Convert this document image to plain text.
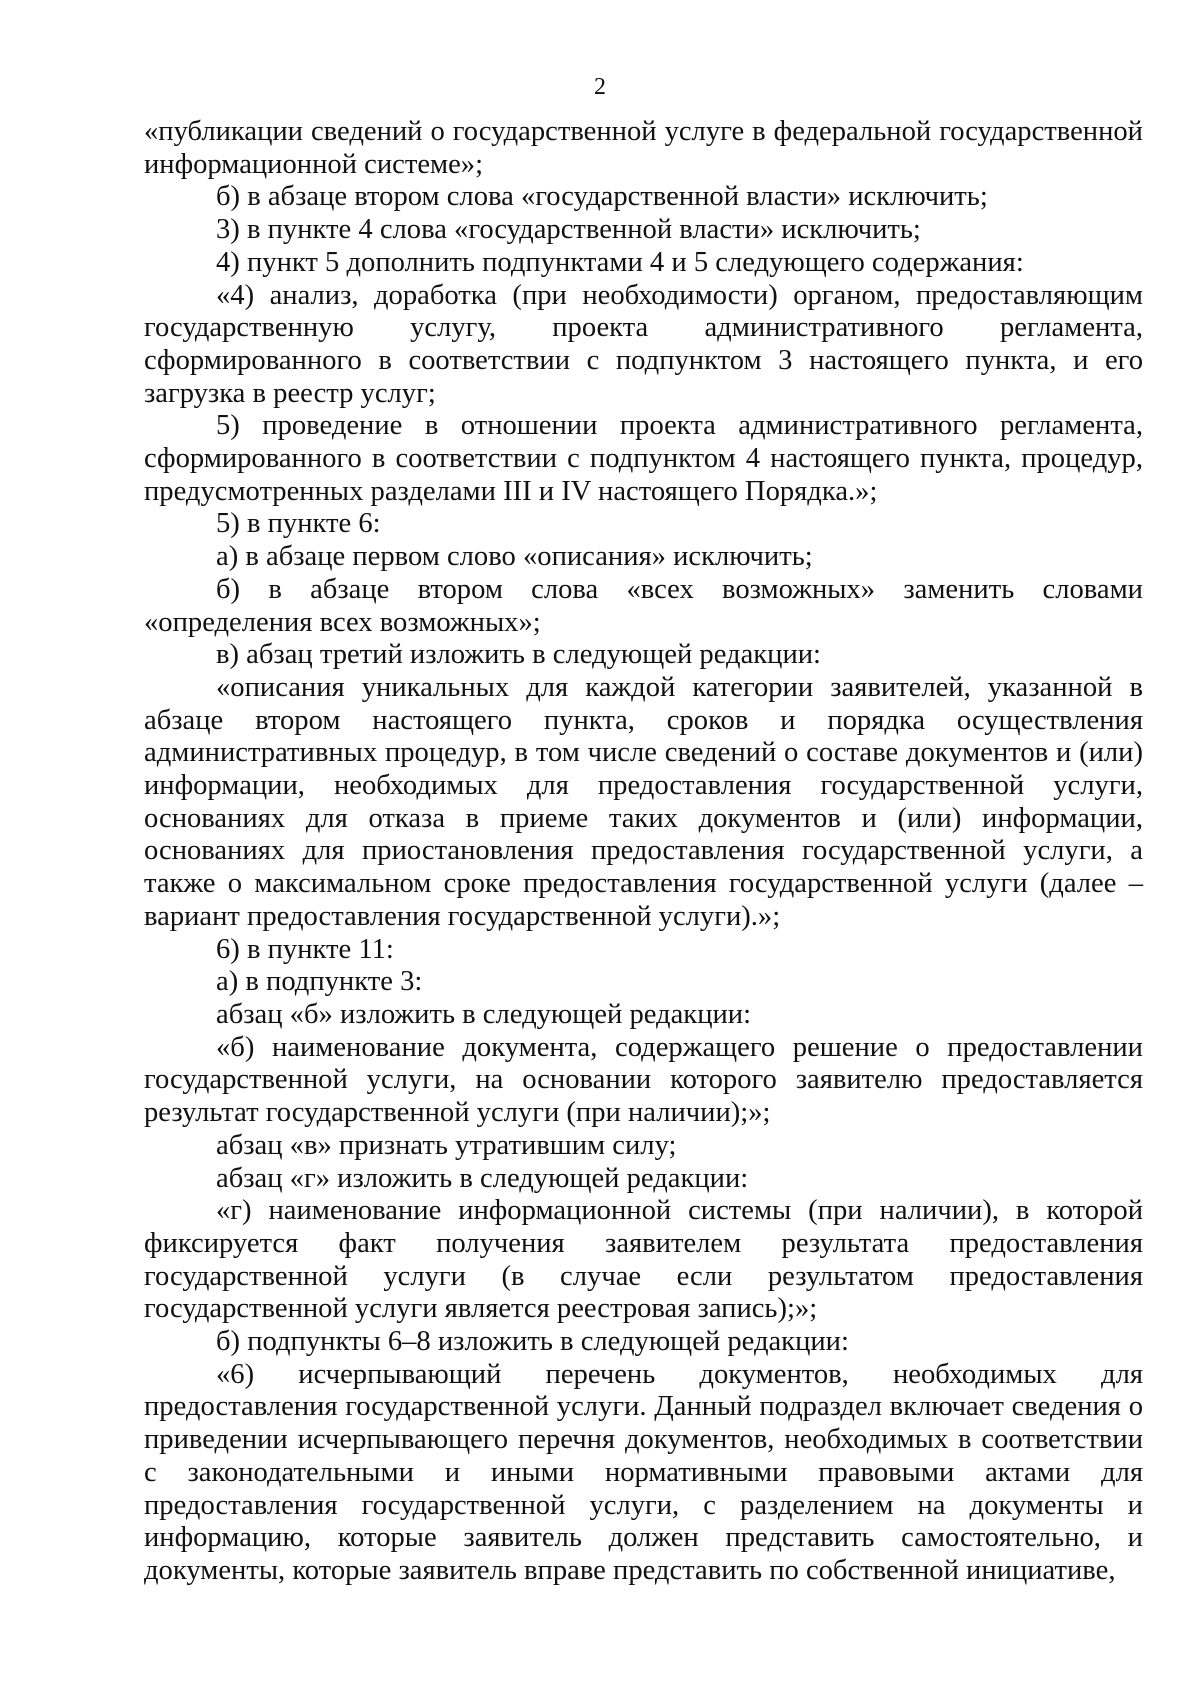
2

«публикации сведений о государственной услуге в федеральной государственной информационной системе»;

б) в абзаце втором слова «государственной власти» исключить;

3) в пункте 4 слова «государственной власти» исключить;

4) пункт 5 дополнить подпунктами 4 и 5 следующего содержания:

«4) анализ, доработка (при необходимости) органом, предоставляющим государственную услугу, проекта административного регламента, сформированного в соответствии с подпунктом 3 настоящего пункта, и его загрузка в реестр услуг;

5) проведение в отношении проекта административного регламента, сформированного в соответствии с подпунктом 4 настоящего пункта, процедур, предусмотренных разделами III и IV настоящего Порядка.»;

5) в пункте 6:

а) в абзаце первом слово «описания» исключить;

б) в абзаце втором слова «всех возможных» заменить словами «определения всех возможных»;

в) абзац третий изложить в следующей редакции:

«описания уникальных для каждой категории заявителей, указанной в абзаце втором настоящего пункта, сроков и порядка осуществления административных процедур, в том числе сведений о составе документов и (или) информации, необходимых для предоставления государственной услуги, основаниях для отказа в приеме таких документов и (или) информации, основаниях для приостановления предоставления государственной услуги, а также о максимальном сроке предоставления государственной услуги (далее – вариант предоставления государственной услуги).»;

6) в пункте 11:

а) в подпункте 3:

абзац «б» изложить в следующей редакции:

«б) наименование документа, содержащего решение о предоставлении государственной услуги, на основании которого заявителю предоставляется результат государственной услуги (при наличии);»;

абзац «в» признать утратившим силу;

абзац «г» изложить в следующей редакции:

«г) наименование информационной системы (при наличии), в которой фиксируется факт получения заявителем результата предоставления государственной услуги (в случае если результатом предоставления государственной услуги является реестровая запись);»;

б) подпункты 6–8 изложить в следующей редакции:

«6) исчерпывающий перечень документов, необходимых для предоставления государственной услуги. Данный подраздел включает сведения о приведении исчерпывающего перечня документов, необходимых в соответствии с законодательными и иными нормативными правовыми актами для предоставления государственной услуги, с разделением на документы и информацию, которые заявитель должен представить самостоятельно, и документы, которые заявитель вправе представить по собственной инициативе,
